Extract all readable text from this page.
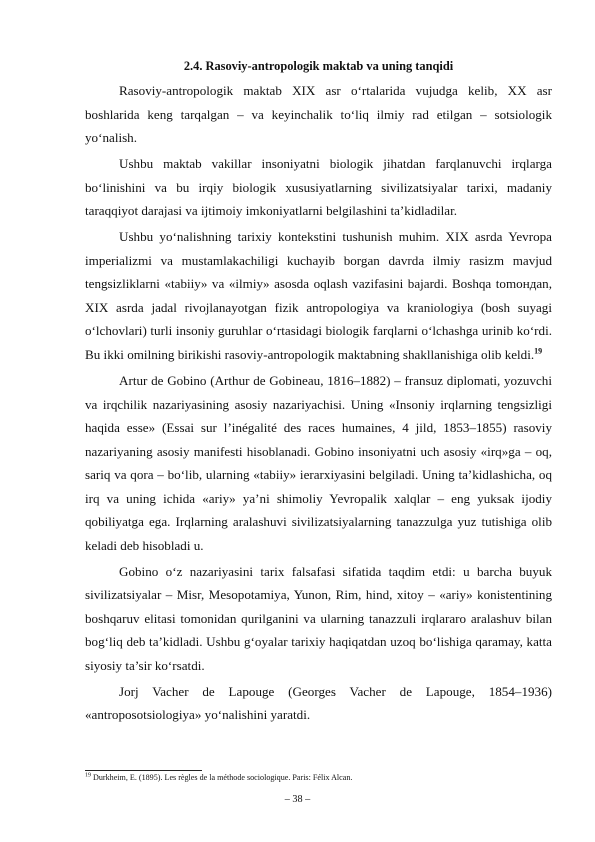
2.4. Rasoviy-antropologik maktab va uning tanqidi

Rasoviy-antropologik maktab XIX asr o‘rtalarida vujudga kelib, XX asr boshlarida keng tarqalgan – va keyinchalik to‘liq ilmiy rad etilgan – sotsiologik yo‘nalish.

Ushbu maktab vakillar insoniyatni biologik jihatdan farqlanuvchi irqlarga bo‘linishini va bu irqiy biologik xususiyatlarning sivilizatsiyalar tarixi, madaniy taraqqiyot darajasi va ijtimoiy imkoniyatlarni belgilashini ta’kidladilar.

Ushbu yo‘nalishning tarixiy kontekstini tushunish muhim. XIX asrda Yevropa imperializmi va mustamlakachiligi kuchayib borgan davrda ilmiy rasizm mavjud tengsizliklarni «tabiiy» va «ilmiy» asosda oqlash vazifasini bajardi. Boshqa tomoндan, XIX asrda jadal rivojlanayotgan fizik antropologiya va kraniologiya (bosh suyagi o‘lchovlari) turli insoniy guruhlar o‘rtasidagi biologik farqlarni o‘lchashga urinib ko‘rdi. Bu ikki omilning birikishi rasoviy-antropologik maktabning shakllanishiga olib keldi.$^{19}$

Artur de Gobino (Arthur de Gobineau, 1816–1882) – fransuz diplomati, yozuvchi va irqchilik nazariyasining asosiy nazariyachisi. Uning «Insoniy irqlarning tengsizligi haqida esse» (Essai sur l’inégalité des races humaines, 4 jild, 1853–1855) rasoviy nazariyaning asosiy manifesti hisoblanadi. Gobino insoniyatni uch asosiy «irq»ga – oq, sariq va qora – bo‘lib, ularning «tabiiy» ierarxiyasini belgiladi. Uning ta’kidlashicha, oq irq va uning ichida «ariy» ya’ni shimoliy Yevropalik xalqlar – eng yuksak ijodiy qobiliyatga ega. Irqlarning aralashuvi sivilizatsiyalarning tanazzulga yuz tutishiga olib keladi deb hisobladi u.

Gobino o‘z nazariyasini tarix falsafasi sifatida taqdim etdi: u barcha buyuk sivilizatsiyalar – Misr, Mesopotamiya, Yunon, Rim, hind, xitoy – «ariy» konistentining boshqaruv elitasi tomonidan qurilganini va ularning tanazzuli irqlararo aralashuv bilan bog‘liq deb ta’kidladi. Ushbu g‘oyalar tarixiy haqiqatdan uzoq bo‘lishiga qaramay, katta siyosiy ta’sir ko‘rsatdi.

Jorj Vacher de Lapouge (Georges Vacher de Lapouge, 1854–1936) «antroposotsiologiya» yo‘nalishini yaratdi.

$^{19}$ Durkheim, E. (1895). Les règles de la méthode sociologique. Paris: Félix Alcan.
– 38 –
